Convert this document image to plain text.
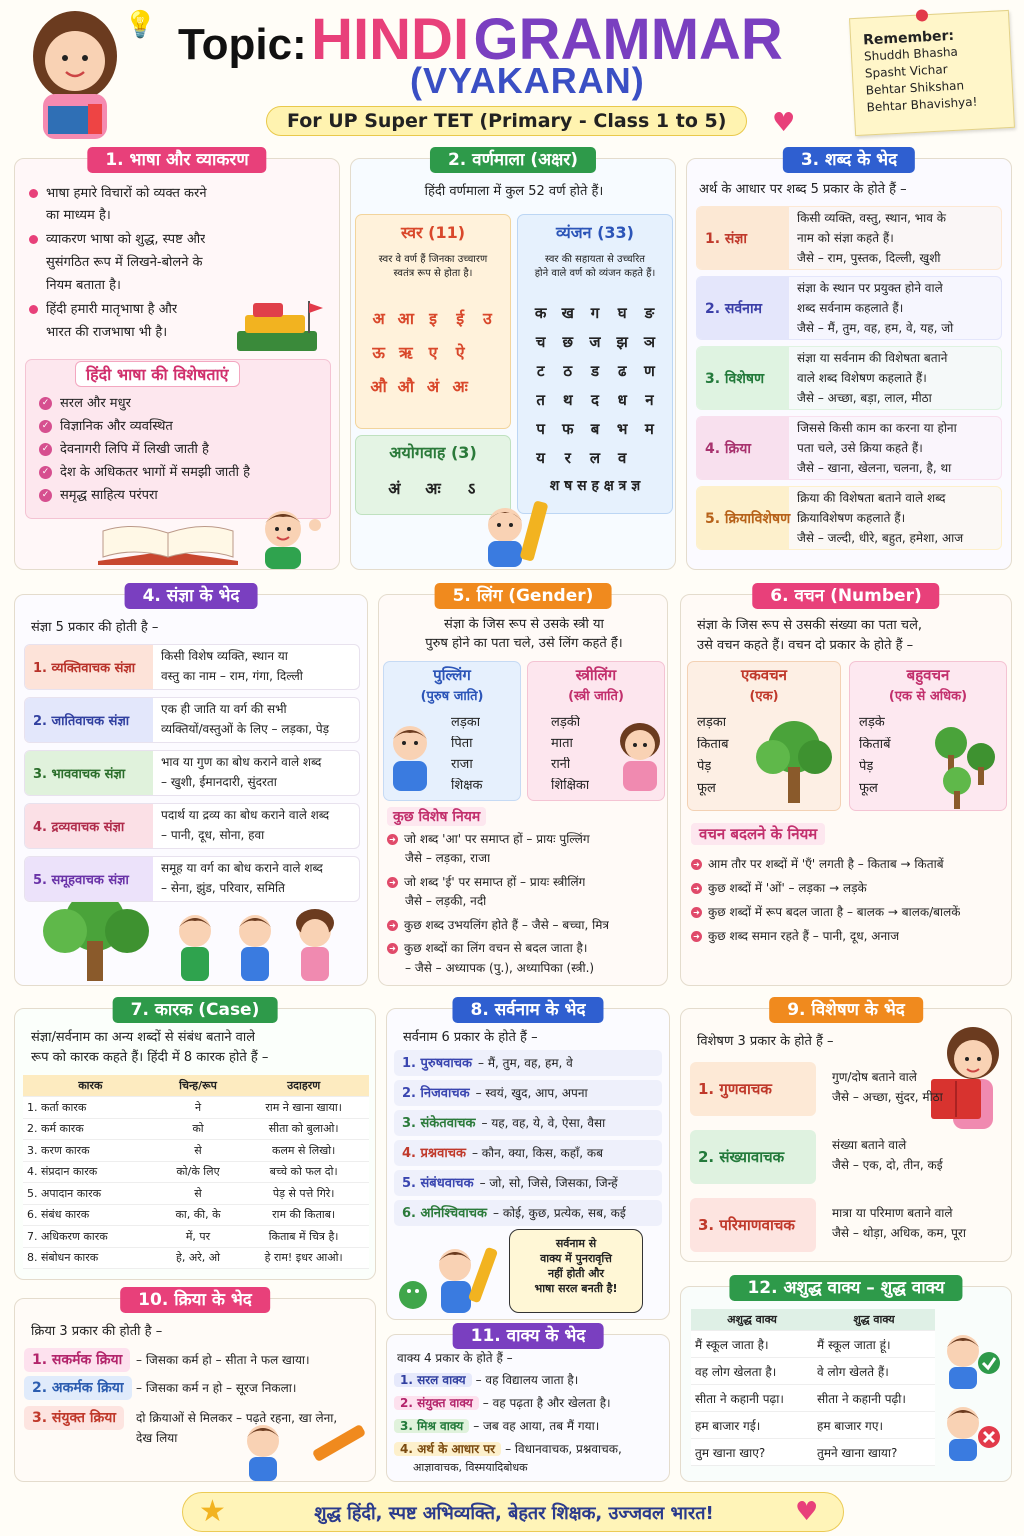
💡 Topic: HINDI GRAMMAR
(VYAKARAN)
For UP Super TET (Primary - Class 1 to 5)	♥
Remember:
Shuddh Bhasha
Spasht Vichar
Behtar Shikshan
Behtar Bhavishya!
1. भाषा और व्याकरण
भाषा हमारे विचारों को व्यक्त करने
का माध्यम है।
व्याकरण भाषा को शुद्ध, स्पष्ट और
सुसंगठित रूप में लिखने-बोलने के
नियम बताता है।
हिंदी हमारी मातृभाषा है और
भारत की राजभाषा भी है।
हिंदी भाषा की विशेषताएं
✓ सरल और मधुर
✓ विज्ञानिक और व्यवस्थित
✓ देवनागरी लिपि में लिखी जाती है
✓ देश के अधिकतर भागों में समझी जाती है
✓ समृद्ध साहित्य परंपरा
2. वर्णमाला (अक्षर)
हिंदी वर्णमाला में कुल 52 वर्ण होते हैं।
स्वर (11)
स्वर वे वर्ण हैं जिनका उच्चारण
स्वतंत्र रूप से होता है।
अ आ इ	ई	उ
ऊ ऋ ए	ऐ
औ औ अं अः
अयोगवाह (3)
अं	अः	ऽ
व्यंजन (33)
स्वर की सहायता से उच्चरित
होने वाले वर्ण को व्यंजन कहते हैं।
क	ख	ग	घ	ङ
च	छ	ज	झ	ञ
ट	ठ	ड	ढ	ण
त	थ	द	ध	न
प	फ	ब	भ	म
य	र	ल	व
श ष स ह क्ष त्र ज्ञ
3. शब्द के भेद
अर्थ के आधार पर शब्द 5 प्रकार के होते हैं –
4. संज्ञा के भेद
संज्ञा 5 प्रकार की होती है –
5. लिंग (Gender)
संज्ञा के जिस रूप से उसके स्त्री या
पुरुष होने का पता चले, उसे लिंग कहते हैं।
पुल्लिंग
(पुरुष जाति)
लड़का
पिता
राजा
शिक्षक
स्त्रीलिंग
(स्त्री जाति)
लड़की
माता
रानी
शिक्षिका
कुछ विशेष नियम
➜ जो शब्द 'आ' पर समाप्त हों – प्रायः पुल्लिंग
जैसे – लड़का, राजा
➜ जो शब्द 'ई' पर समाप्त हों – प्रायः स्त्रीलिंग
जैसे – लड़की, नदी
➜ कुछ शब्द उभयलिंग होते हैं – जैसे – बच्चा, मित्र
➜ कुछ शब्दों का लिंग वचन से बदल जाता है।
– जैसे – अध्यापक (पु.), अध्यापिका (स्त्री.)
6. वचन (Number)
संज्ञा के जिस रूप से उसकी संख्या का पता चले,
उसे वचन कहते हैं। वचन दो प्रकार के होते हैं –
एकवचन
(एक)
लड़का
किताब
पेड़
फूल
बहुवचन
(एक से अधिक)
लड़के
किताबें
पेड़
फूल
वचन बदलने के नियम
➜ आम तौर पर शब्दों में 'एँ' लगती है – किताब → किताबें
➜ कुछ शब्दों में 'ओं' – लड़का → लड़के
➜ कुछ शब्दों में रूप बदल जाता है – बालक → बालक/बालकें
➜ कुछ शब्द समान रहते हैं – पानी, दूध, अनाज
7. कारक (Case)
संज्ञा/सर्वनाम का अन्य शब्दों से संबंध बताने वाले
रूप को कारक कहते हैं। हिंदी में 8 कारक होते हैं –
कारक	चिन्ह/रूप	उदाहरण
1. कर्ता कारक	ने	राम ने खाना खाया।
2. कर्म कारक	को	सीता को बुलाओ।
3. करण कारक	से	कलम से लिखो।
4. संप्रदान कारक	को/के लिए	बच्चे को फल दो।
5. अपादान कारक	से	पेड़ से पत्ते गिरे।
6. संबंध कारक	का, की, के	राम की किताब।
7. अधिकरण कारक	में, पर	किताब में चित्र है।
8. संबोधन कारक	हे, अरे, ओ	हे राम! इधर आओ।
8. सर्वनाम के भेद
सर्वनाम 6 प्रकार के होते हैं –
सर्वनाम से
वाक्य में पुनरावृत्ति
नहीं होती और
भाषा सरल बनती है!
9. विशेषण के भेद
विशेषण 3 प्रकार के होते हैं –
10. क्रिया के भेद
क्रिया 3 प्रकार की होती है –	11. वाक्य के भेद
वाक्य 4 प्रकार के होते हैं –
आज्ञावाचक, विस्मयादिबोधक
12. अशुद्ध वाक्य – शुद्ध वाक्य
अशुद्ध वाक्य	शुद्ध वाक्य
मैं स्कूल जाता है।	मैं स्कूल जाता हूं।
वह लोग खेलता है।	वे लोग खेलते हैं।
सीता ने कहानी पढ़ा।	सीता ने कहानी पढ़ी।
हम बाजार गई।	हम बाजार गए।
तुम खाना खाए?	तुमने खाना खाया?
★	शुद्ध हिंदी, स्पष्ट अभिव्यक्ति, बेहतर शिक्षक, उज्जवल भारत!	♥
1. संज्ञा
किसी व्यक्ति, वस्तु, स्थान, भाव के
नाम को संज्ञा कहते हैं।
जैसे – राम, पुस्तक, दिल्ली, खुशी
2. सर्वनाम
संज्ञा के स्थान पर प्रयुक्त होने वाले
शब्द सर्वनाम कहलाते हैं।
जैसे – मैं, तुम, वह, हम, वे, यह, जो
3. विशेषण
संज्ञा या सर्वनाम की विशेषता बताने
वाले शब्द विशेषण कहलाते हैं।
जैसे – अच्छा, बड़ा, लाल, मीठा
4. क्रिया
जिससे किसी काम का करना या होना
पता चले, उसे क्रिया कहते हैं।
जैसे – खाना, खेलना, चलना, है, था
5. क्रियाविशेषण
क्रिया की विशेषता बताने वाले शब्द
क्रियाविशेषण कहलाते हैं।
जैसे – जल्दी, धीरे, बहुत, हमेशा, आज
1. व्यक्तिवाचक संज्ञा
किसी विशेष व्यक्ति, स्थान या
वस्तु का नाम – राम, गंगा, दिल्ली
2. जातिवाचक संज्ञा
एक ही जाति या वर्ग की सभी
व्यक्तियों/वस्तुओं के लिए – लड़का, पेड़
3. भाववाचक संज्ञा
भाव या गुण का बोध कराने वाले शब्द
– खुशी, ईमानदारी, सुंदरता
4. द्रव्यवाचक संज्ञा
पदार्थ या द्रव्य का बोध कराने वाले शब्द
– पानी, दूध, सोना, हवा
5. समूहवाचक संज्ञा
समूह या वर्ग का बोध कराने वाले शब्द
– सेना, झुंड, परिवार, समिति
1. पुरुषवाचक – मैं, तुम, वह, हम, वे
2. निजवाचक – स्वयं, खुद, आप, अपना
3. संकेतवाचक – यह, वह, ये, वे, ऐसा, वैसा
4. प्रश्नवाचक – कौन, क्या, किस, कहाँ, कब
5. संबंधवाचक – जो, सो, जिसे, जिसका, जिन्हें
6. अनिश्चिवाचक – कोई, कुछ, प्रत्येक, सब, कई
1. गुणवाचक
गुण/दोष बताने वाले
जैसे – अच्छा, सुंदर, मीठा
2. संख्यावाचक
संख्या बताने वाले
जैसे – एक, दो, तीन, कई
3. परिमाणवाचक
मात्रा या परिमाण बताने वाले
जैसे – थोड़ा, अधिक, कम, पूरा
1. सकर्मक क्रिया	– जिसका कर्म हो – सीता ने फल खाया।
2. अकर्मक क्रिया	– जिसका कर्म न हो – सूरज निकला।
3. संयुक्त क्रिया	दो क्रियाओं से मिलकर – पढ़ते रहना, खा लेना,
देख लिया
1. सरल वाक्य – वह विद्यालय जाता है।
2. संयुक्त वाक्य – वह पढ़ता है और खेलता है।
3. मिश्र वाक्य – जब वह आया, तब मैं गया।
4. अर्थ के आधार पर – विधानवाचक, प्रश्नवाचक,
